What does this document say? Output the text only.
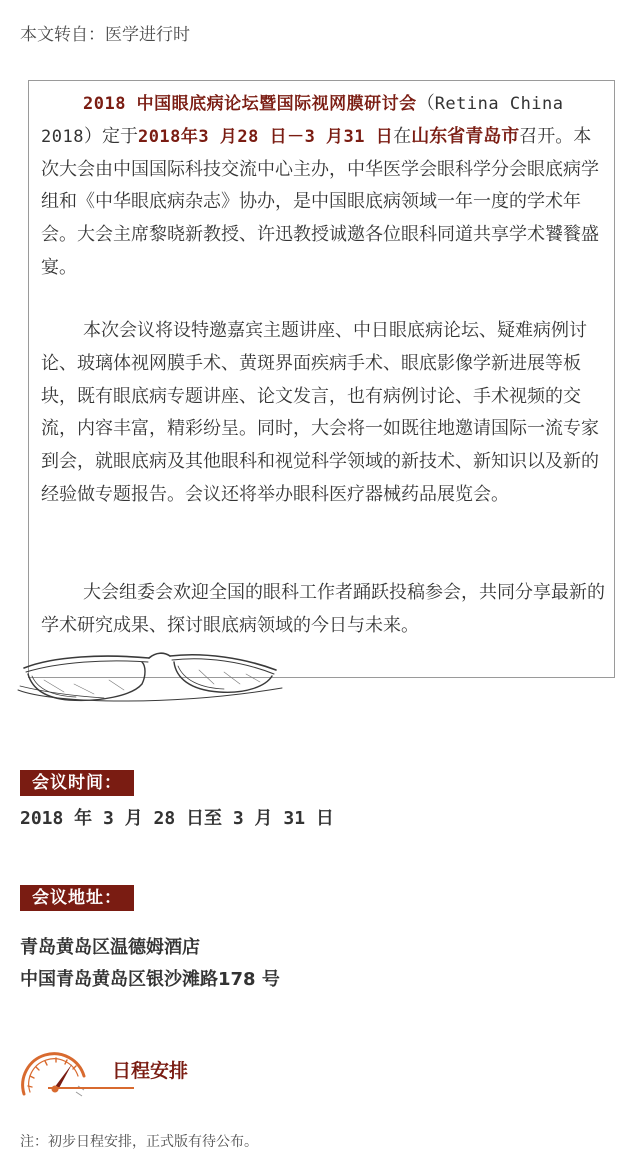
本文转自：医学进行时

2018 中国眼底病论坛暨国际视网膜研讨会（Retina China 2018）定于2018年3 月28 日－3 月31 日在山东省青岛市召开。本次大会由中国国际科技交流中心主办，中华医学会眼科学分会眼底病学组和《中华眼底病杂志》协办，是中国眼底病领域一年一度的学术年会。大会主席黎晓新教授、许迅教授诚邀各位眼科同道共享学术饕餮盛宴。

本次会议将设特邀嘉宾主题讲座、中日眼底病论坛、疑难病例讨论、玻璃体视网膜手术、黄斑界面疾病手术、眼底影像学新进展等板块，既有眼底病专题讲座、论文发言，也有病例讨论、手术视频的交流，内容丰富，精彩纷呈。同时，大会将一如既往地邀请国际一流专家到会，就眼底病及其他眼科和视觉科学领域的新技术、新知识以及新的经验做专题报告。会议还将举办眼科医疗器械药品展览会。

大会组委会欢迎全国的眼科工作者踊跃投稿参会，共同分享最新的学术研究成果、探讨眼底病领域的今日与未来。

会议时间：
2018 年 3 月 28 日至 3 月 31 日
会议地址：
青岛黄岛区温德姆酒店
中国青岛黄岛区银沙滩路178 号
日程安排
注：初步日程安排，正式版有待公布。
